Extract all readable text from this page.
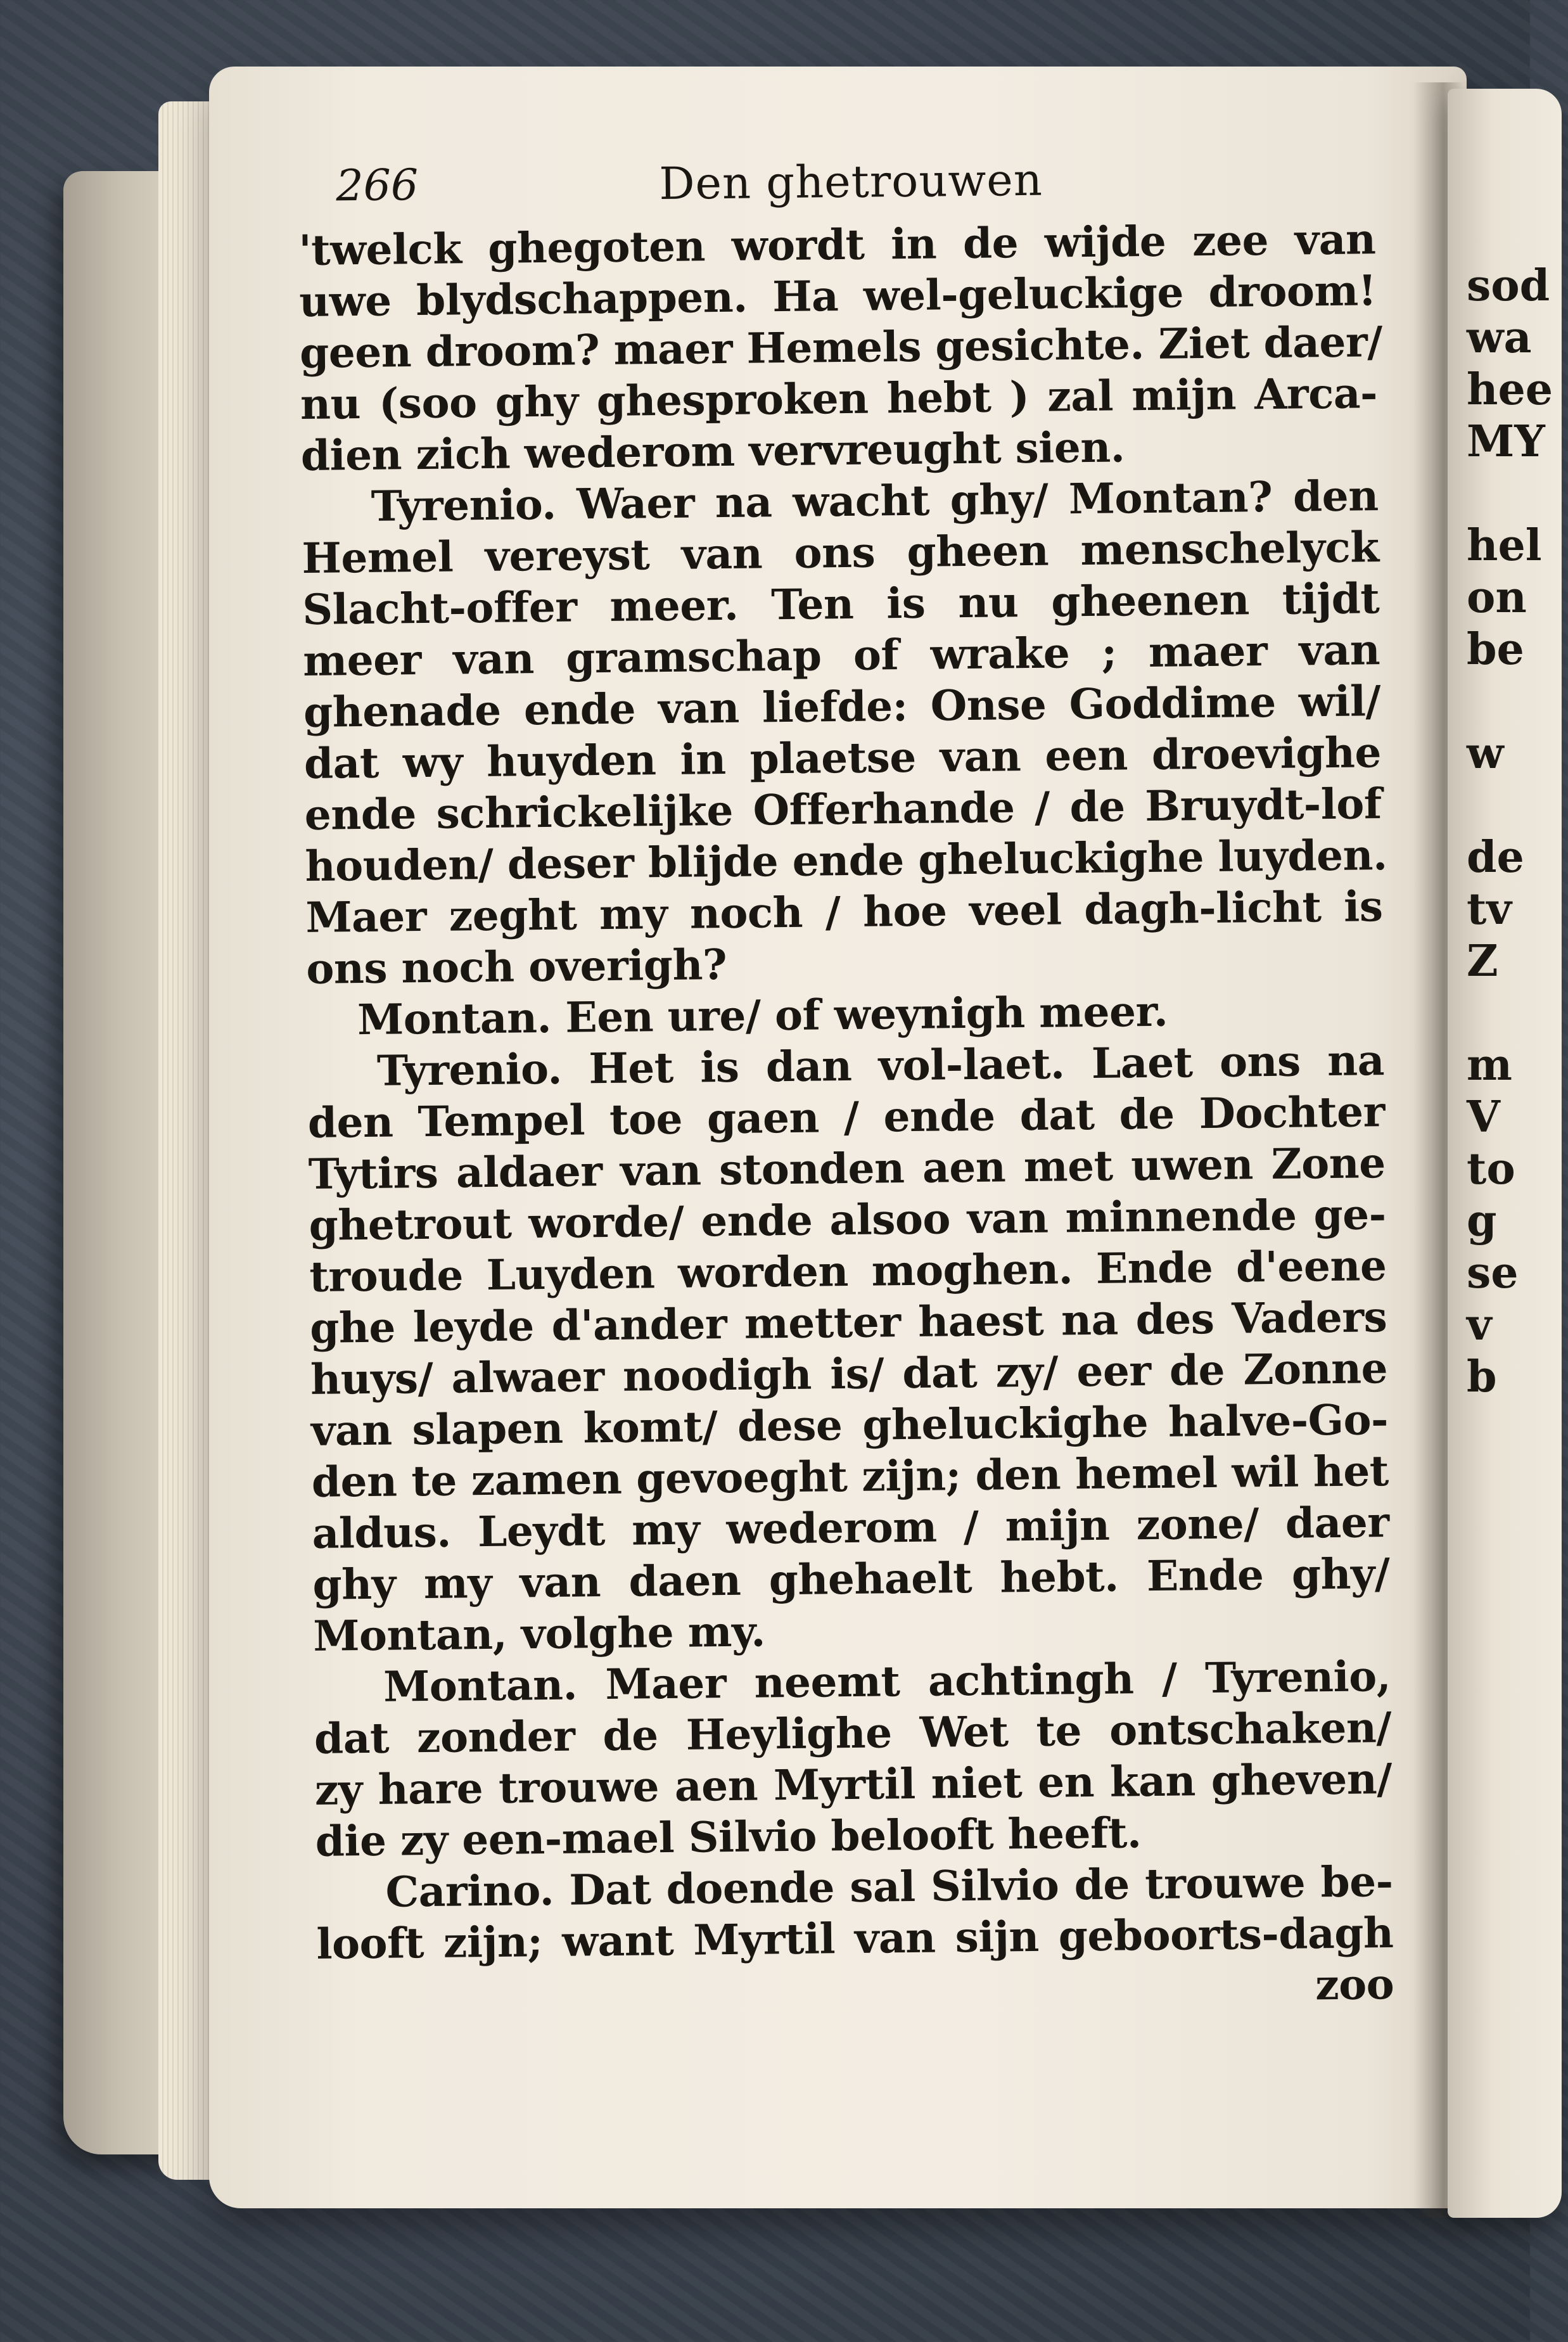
sod
wa
hee
MY
hel
on
be
w
de
tv
Z
m
V
to
g
se
v
b
266	Den ghetrouwen
'twelck ghegoten wordt in de wijde zee van
uwe blydschappen. Ha wel-geluckige droom!
geen droom? maer Hemels gesichte. Ziet daer/
nu (soo ghy ghesproken hebt ) zal mijn Arca-
dien zich wederom vervreught sien.
Tyrenio. Waer na wacht ghy/ Montan? den
Hemel vereyst van ons gheen menschelyck
Slacht-offer meer. Ten is nu gheenen tijdt
meer van gramschap of wrake ; maer van
ghenade ende van liefde: Onse Goddime wil/
dat wy huyden in plaetse van een droevighe
ende schrickelijke Offerhande / de Bruydt-lof
houden/ deser blijde ende gheluckighe luyden.
Maer zeght my noch / hoe veel dagh-licht is
ons noch overigh?
Montan. Een ure/ of weynigh meer.
Tyrenio. Het is dan vol-laet. Laet ons na
den Tempel toe gaen / ende dat de Dochter
Tytirs aldaer van stonden aen met uwen Zone
ghetrout worde/ ende alsoo van minnende ge-
troude Luyden worden moghen. Ende d'eene
ghe leyde d'ander metter haest na des Vaders
huys/ alwaer noodigh is/ dat zy/ eer de Zonne
van slapen komt/ dese gheluckighe halve-Go-
den te zamen gevoeght zijn; den hemel wil het
aldus. Leydt my wederom / mijn zone/ daer
ghy my van daen ghehaelt hebt. Ende ghy/
Montan, volghe my.
Montan. Maer neemt achtingh / Tyrenio,
dat zonder de Heylighe Wet te ontschaken/
zy hare trouwe aen Myrtil niet en kan gheven/
die zy een-mael Silvio belooft heeft.
Carino. Dat doende sal Silvio de trouwe be-
looft zijn; want Myrtil van sijn geboorts-dagh
zoo
